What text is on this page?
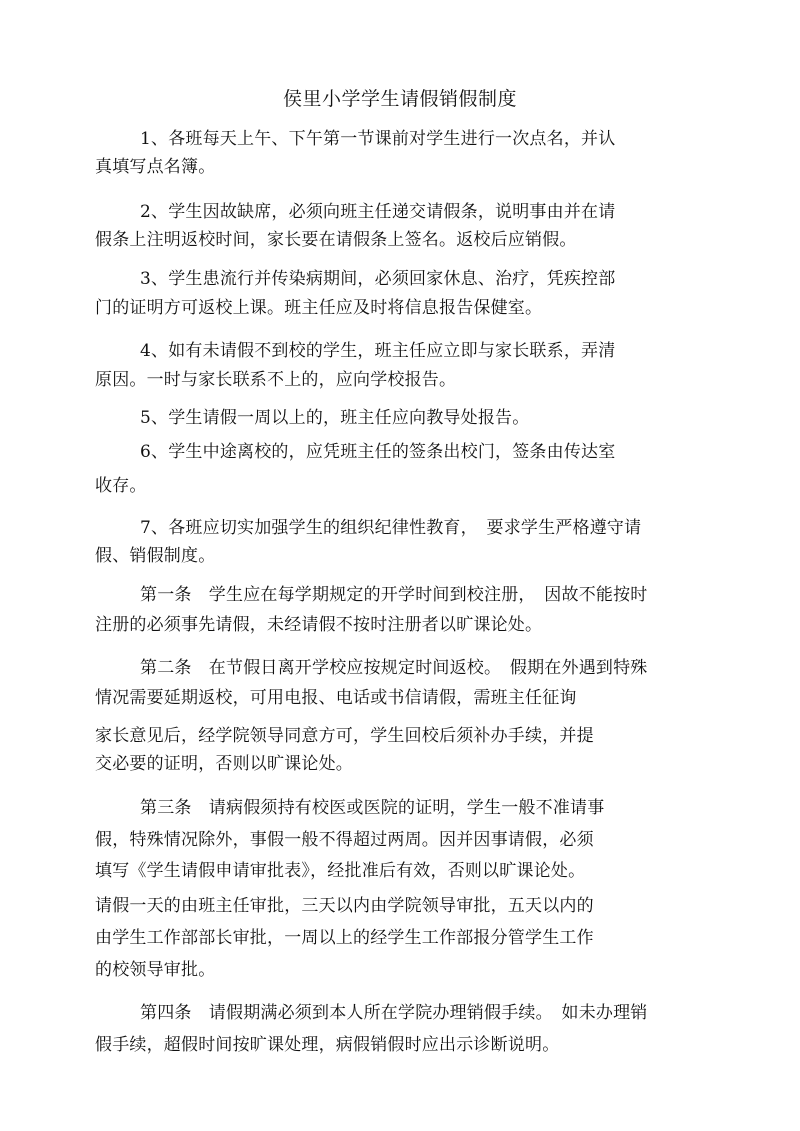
侯里小学学生请假销假制度
1、各班每天上午、下午第一节课前对学生进行一次点名，并认
真填写点名簿。
2、学生因故缺席，必须向班主任递交请假条，说明事由并在请
假条上注明返校时间，家长要在请假条上签名。返校后应销假。
3、学生患流行并传染病期间，必须回家休息、治疗，凭疾控部
门的证明方可返校上课。班主任应及时将信息报告保健室。
4、如有未请假不到校的学生，班主任应立即与家长联系，弄清
原因。一时与家长联系不上的，应向学校报告。
5、学生请假一周以上的，班主任应向教导处报告。
6、学生中途离校的，应凭班主任的签条出校门，签条由传达室
收存。
7、各班应切实加强学生的组织纪律性教育，　要求学生严格遵守请
假、销假制度。
第一条　学生应在每学期规定的开学时间到校注册，　因故不能按时
注册的必须事先请假，未经请假不按时注册者以旷课论处。
第二条　在节假日离开学校应按规定时间返校。　假期在外遇到特殊
情况需要延期返校，可用电报、电话或书信请假，需班主任征询
家长意见后，经学院领导同意方可，学生回校后须补办手续，并提
交必要的证明，否则以旷课论处。
第三条　请病假须持有校医或医院的证明，学生一般不准请事
假，特殊情况除外，事假一般不得超过两周。因并因事请假，必须
填写《学生请假申请审批表》，经批准后有效，否则以旷课论处。
请假一天的由班主任审批，三天以内由学院领导审批，五天以内的
由学生工作部部长审批，一周以上的经学生工作部报分管学生工作
的校领导审批。
第四条　请假期满必须到本人所在学院办理销假手续。　如未办理销
假手续，超假时间按旷课处理，病假销假时应出示诊断说明。
